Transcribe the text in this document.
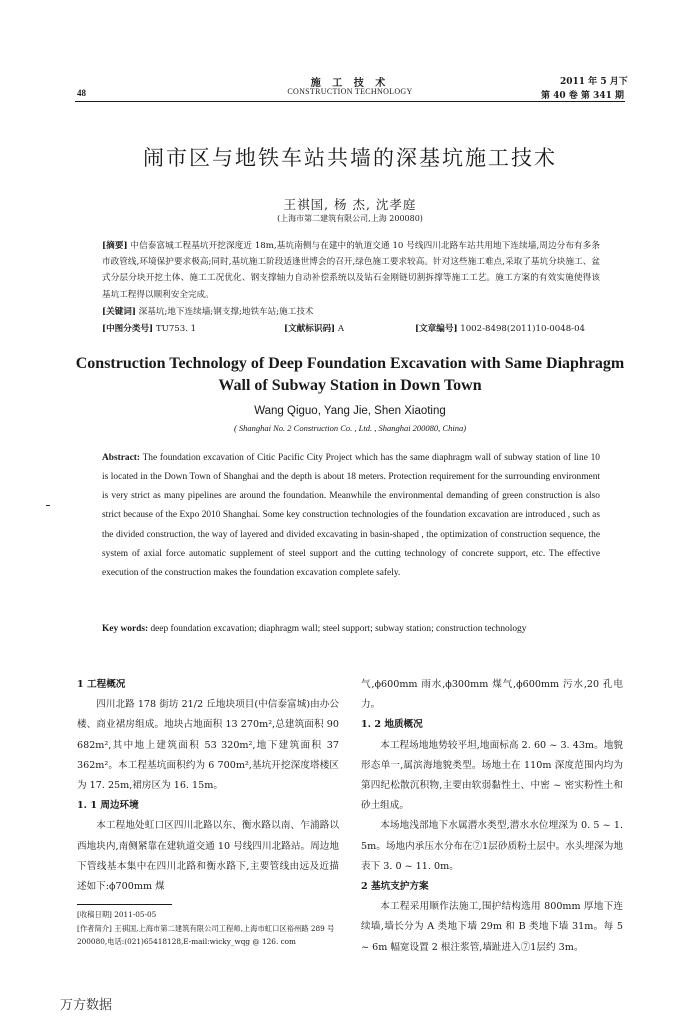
施 工 技 术
CONSTRUCTION TECHNOLOGY
48
2011 年 5 月下
第 40 卷 第 341 期
闹市区与地铁车站共墙的深基坑施工技术
王祺国, 杨 杰, 沈孝庭
(上海市第二建筑有限公司,上海 200080)
[摘要] 中信泰富城工程基坑开挖深度近 18m,基坑南侧与在建中的轨道交通 10 号线四川北路车站共用地下连续墙,周边分布有多条市政管线,环境保护要求极高;同时,基坑施工阶段适逢世博会的召开,绿色施工要求较高。针对这些施工难点,采取了基坑分块施工、盆式分层分块开挖土体、施工工况优化、钢支撑轴力自动补偿系统以及钻石金刚链切割拆撑等施工工艺。施工方案的有效实施使得该基坑工程得以顺利安全完成。
[关键词] 深基坑;地下连续墙;钢支撑;地铁车站;施工技术
[中图分类号] TU753. 1	[文献标识码] A	[文章编号] 1002-8498(2011)10-0048-04
Construction Technology of Deep Foundation Excavation with Same Diaphragm Wall of Subway Station in Down Town
Wang Qiguo, Yang Jie, Shen Xiaoting
( Shanghai No. 2 Construction Co. , Ltd. , Shanghai 200080, China)
Abstract: The foundation excavation of Citic Pacific City Project which has the same diaphragm wall of subway station of line 10 is located in the Down Town of Shanghai and the depth is about 18 meters. Protection requirement for the surrounding environment is very strict as many pipelines are around the foundation. Meanwhile the environmental demanding of green construction is also strict because of the Expo 2010 Shanghai. Some key construction technologies of the foundation excavation are introduced , such as the divided construction, the way of layered and divided excavating in basin-shaped , the optimization of construction sequence, the system of axial force automatic supplement of steel support and the cutting technology of concrete support, etc. The effective execution of the construction makes the foundation excavation complete safely.
Key words: deep foundation excavation; diaphragm wall; steel support; subway station; construction technology

1 工程概况

四川北路 178 街坊 21/2 丘地块项目(中信泰富城)由办公楼、商业裙房组成。地块占地面积 13 270m²,总建筑面积 90 682m²,其中地上建筑面积 53 320m²,地下建筑面积 37 362m²。本工程基坑面积约为 6 700m²,基坑开挖深度塔楼区为 17. 25m,裙房区为 16. 15m。

1. 1 周边环境

本工程地处虹口区四川北路以东、衡水路以南、乍浦路以西地块内,南侧紧靠在建轨道交通 10 号线四川北路站。周边地下管线基本集中在四川北路和衡水路下,主要管线由远及近描述如下:ϕ700mm 煤

[收稿日期] 2011-05-05
[作者简介] 王祺国,上海市第二建筑有限公司工程师,上海市虹口区裕州路 289 号 200080,电话:(021)65418128,E-mail:wicky_wqg @ 126. com

气,ϕ600mm 雨水,ϕ300mm 煤气,ϕ600mm 污水,20 孔电力。

1. 2 地质概况

本工程场地地势较平坦,地面标高 2. 60 ~ 3. 43m。地貌形态单一,属滨海地貌类型。场地土在 110m 深度范围内均为第四纪松散沉积物,主要由软弱黏性土、中密 ~ 密实粉性土和砂土组成。

本场地浅部地下水属潜水类型,潜水水位埋深为 0. 5 ~ 1. 5m。场地内承压水分布在⑦1层砂质粉土层中。水头埋深为地表下 3. 0 ~ 11. 0m。

2 基坑支护方案

本工程采用顺作法施工,围护结构选用 800mm 厚地下连续墙,墙长分为 A 类地下墙 29m 和 B 类地下墙 31m。每 5 ~ 6m 幅宽设置 2 根注浆管,墙趾进入⑦1层约 3m。

万方数据
